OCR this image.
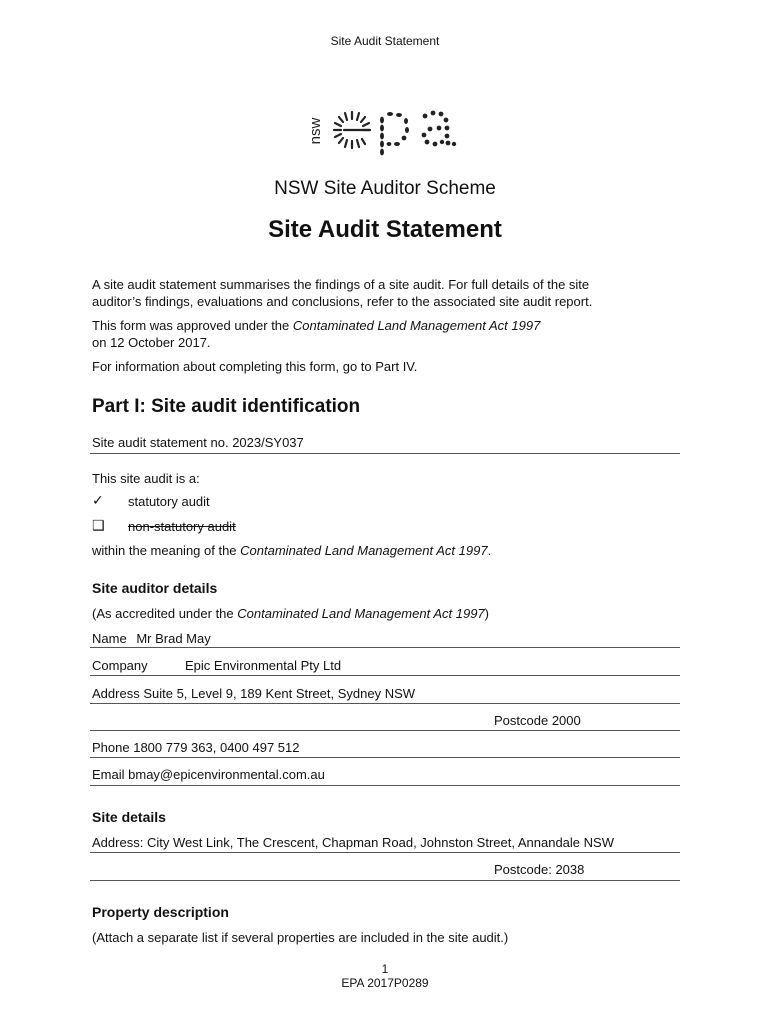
Site Audit Statement
nsw
epa
NSW Site Auditor Scheme
Site Audit Statement
A site audit statement summarises the findings of a site audit. For full details of the site
auditor’s findings, evaluations and conclusions, refer to the associated site audit report.
This form was approved under the Contaminated Land Management Act 1997
on 12 October 2017.
For information about completing this form, go to Part IV.
Part I: Site audit identification
Site audit statement no. 2023/SY037
This site audit is a:
✓ statutory audit
❑ non-statutory audit
within the meaning of the Contaminated Land Management Act 1997.
Site auditor details
(As accredited under the Contaminated Land Management Act 1997)
Name Mr Brad May
Company	Epic Environmental Pty Ltd
Address Suite 5, Level 9, 189 Kent Street, Sydney NSW
Postcode 2000
Phone 1800 779 363, 0400 497 512
Email bmay@epicenvironmental.com.au
Site details
Address: City West Link, The Crescent, Chapman Road, Johnston Street, Annandale NSW
Postcode: 2038
Property description
(Attach a separate list if several properties are included in the site audit.)
1
EPA 2017P0289
